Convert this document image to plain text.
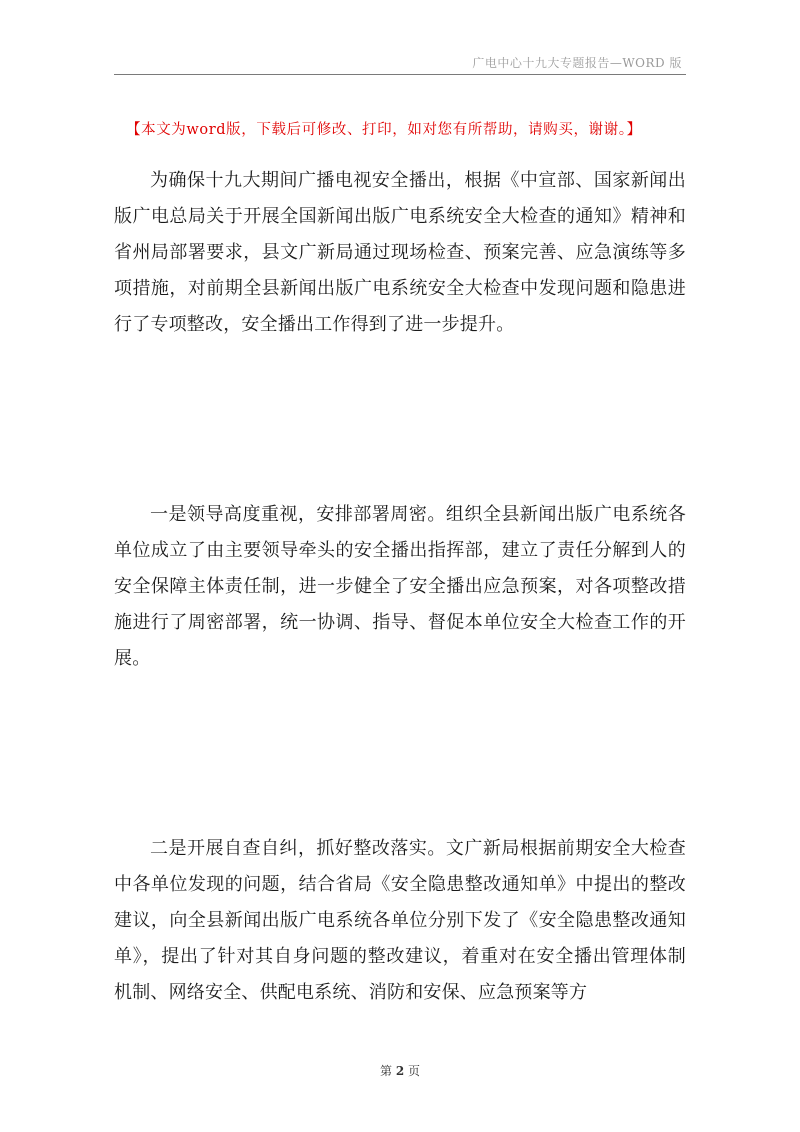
广电中心十九大专题报告—WORD 版
【本文为word版，下载后可修改、打印，如对您有所帮助，请购买，谢谢。】

为确保十九大期间广播电视安全播出，根据《中宣部、国家新闻出版广电总局关于开展全国新闻出版广电系统安全大检查的通知》精神和省州局部署要求，县文广新局通过现场检查、预案完善、应急演练等多项措施，对前期全县新闻出版广电系统安全大检查中发现问题和隐患进行了专项整改，安全播出工作得到了进一步提升。

一是领导高度重视，安排部署周密。组织全县新闻出版广电系统各单位成立了由主要领导牵头的安全播出指挥部，建立了责任分解到人的安全保障主体责任制，进一步健全了安全播出应急预案，对各项整改措施进行了周密部署，统一协调、指导、督促本单位安全大检查工作的开展。

二是开展自查自纠，抓好整改落实。文广新局根据前期安全大检查中各单位发现的问题，结合省局《安全隐患整改通知单》中提出的整改建议，向全县新闻出版广电系统各单位分别下发了《安全隐患整改通知单》，提出了针对其自身问题的整改建议，着重对在安全播出管理体制机制、网络安全、供配电系统、消防和安保、应急预案等方

第 2 页
